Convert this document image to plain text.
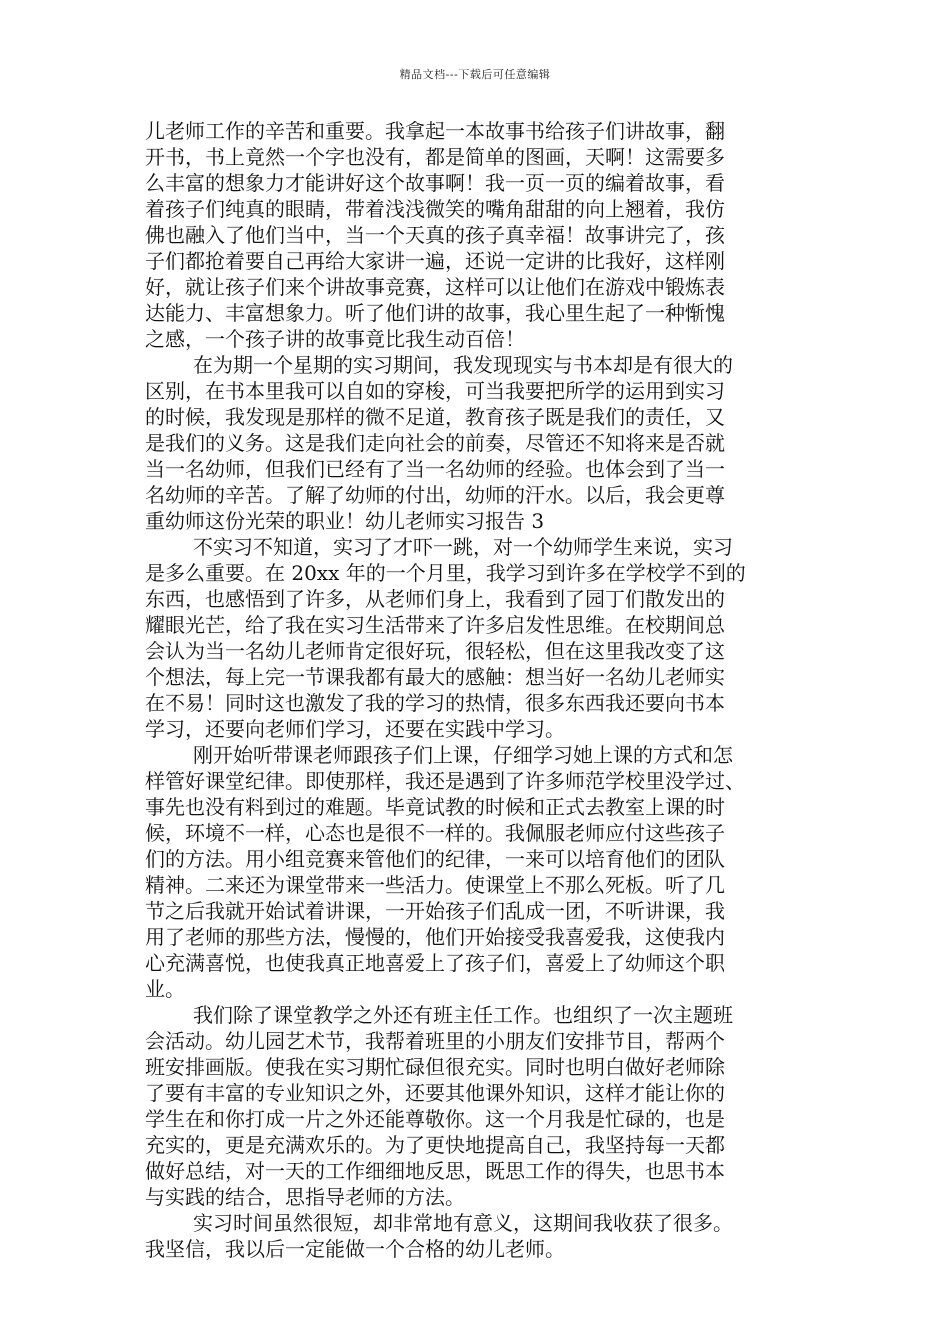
精品文档---下载后可任意编辑
儿老师工作的辛苦和重要。我拿起一本故事书给孩子们讲故事，翻
开书，书上竟然一个字也没有，都是简单的图画，天啊！这需要多
么丰富的想象力才能讲好这个故事啊！我一页一页的编着故事，看
着孩子们纯真的眼睛，带着浅浅微笑的嘴角甜甜的向上翘着，我仿
佛也融入了他们当中，当一个天真的孩子真幸福！故事讲完了，孩
子们都抢着要自己再给大家讲一遍，还说一定讲的比我好，这样刚
好，就让孩子们来个讲故事竞赛，这样可以让他们在游戏中锻炼表
达能力、丰富想象力。听了他们讲的故事，我心里生起了一种惭愧
之感，一个孩子讲的故事竟比我生动百倍！
在为期一个星期的实习期间，我发现现实与书本却是有很大的
区别，在书本里我可以自如的穿梭，可当我要把所学的运用到实习
的时候，我发现是那样的微不足道，教育孩子既是我们的责任，又
是我们的义务。这是我们走向社会的前奏，尽管还不知将来是否就
当一名幼师，但我们已经有了当一名幼师的经验。也体会到了当一
名幼师的辛苦。了解了幼师的付出，幼师的汗水。以后，我会更尊
重幼师这份光荣的职业！幼儿老师实习报告 3
不实习不知道，实习了才吓一跳，对一个幼师学生来说，实习
是多么重要。在 20xx 年的一个月里，我学习到许多在学校学不到的
东西，也感悟到了许多，从老师们身上，我看到了园丁们散发出的
耀眼光芒，给了我在实习生活带来了许多启发性思维。在校期间总
会认为当一名幼儿老师肯定很好玩，很轻松，但在这里我改变了这
个想法，每上完一节课我都有最大的感触：想当好一名幼儿老师实
在不易！同时这也激发了我的学习的热情，很多东西我还要向书本
学习，还要向老师们学习，还要在实践中学习。
刚开始听带课老师跟孩子们上课，仔细学习她上课的方式和怎
样管好课堂纪律。即使那样，我还是遇到了许多师范学校里没学过、
事先也没有料到过的难题。毕竟试教的时候和正式去教室上课的时
候，环境不一样，心态也是很不一样的。我佩服老师应付这些孩子
们的方法。用小组竞赛来管他们的纪律，一来可以培育他们的团队
精神。二来还为课堂带来一些活力。使课堂上不那么死板。听了几
节之后我就开始试着讲课，一开始孩子们乱成一团，不听讲课，我
用了老师的那些方法，慢慢的，他们开始接受我喜爱我，这使我内
心充满喜悦，也使我真正地喜爱上了孩子们，喜爱上了幼师这个职
业。
我们除了课堂教学之外还有班主任工作。也组织了一次主题班
会活动。幼儿园艺术节，我帮着班里的小朋友们安排节目，帮两个
班安排画版。使我在实习期忙碌但很充实。同时也明白做好老师除
了要有丰富的专业知识之外，还要其他课外知识，这样才能让你的
学生在和你打成一片之外还能尊敬你。这一个月我是忙碌的，也是
充实的，更是充满欢乐的。为了更快地提高自己，我坚持每一天都
做好总结，对一天的工作细细地反思，既思工作的得失，也思书本
与实践的结合，思指导老师的方法。
实习时间虽然很短，却非常地有意义，这期间我收获了很多。
我坚信，我以后一定能做一个合格的幼儿老师。
